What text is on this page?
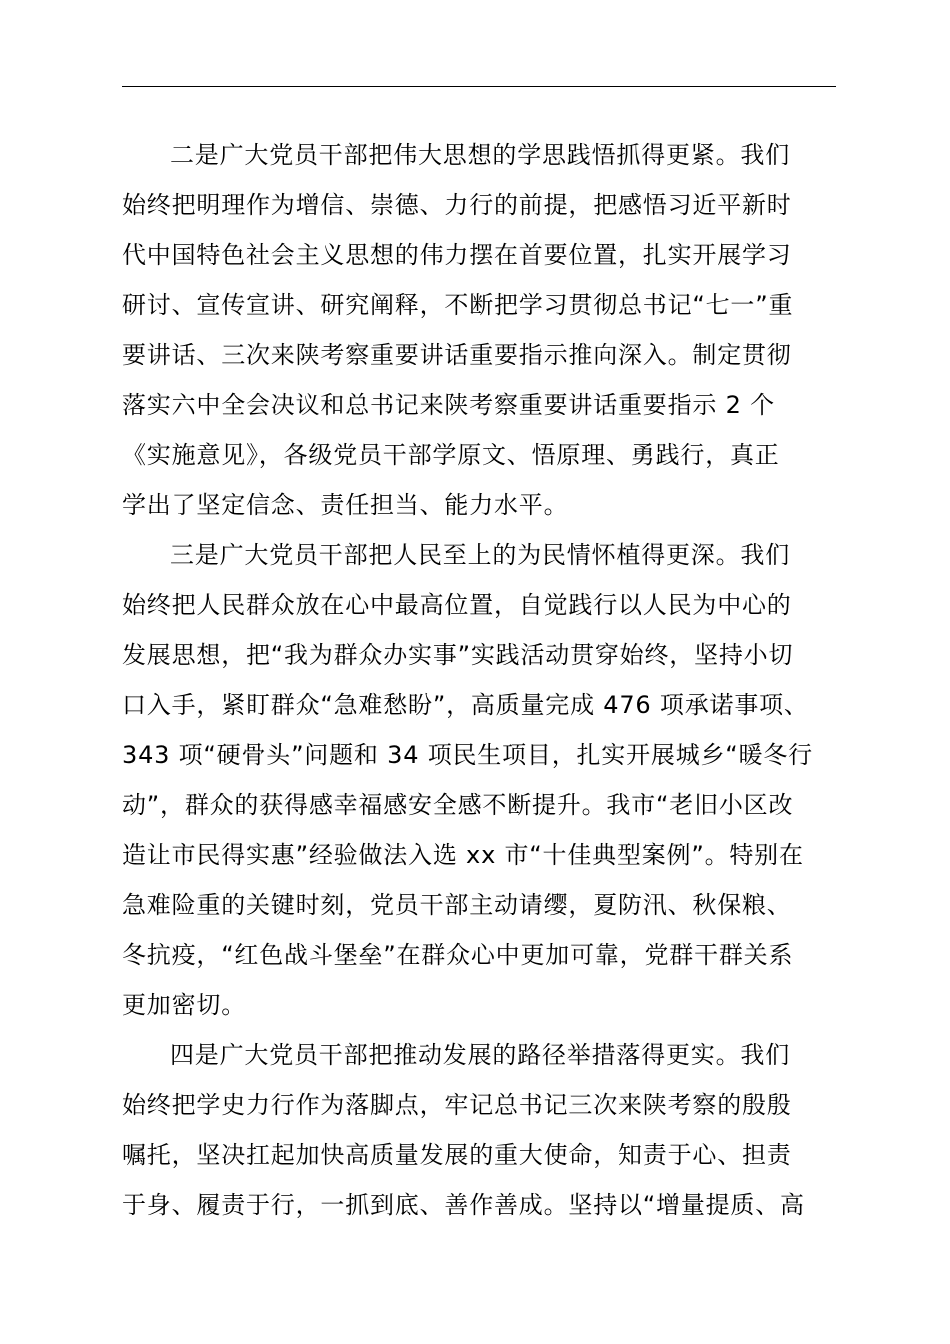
二是广大党员干部把伟大思想的学思践悟抓得更紧。我们
始终把明理作为增信、崇德、力行的前提，把感悟习近平新时
代中国特色社会主义思想的伟力摆在首要位置，扎实开展学习
研讨、宣传宣讲、研究阐释，不断把学习贯彻总书记“七一”重
要讲话、三次来陕考察重要讲话重要指示推向深入。制定贯彻
落实六中全会决议和总书记来陕考察重要讲话重要指示 2 个
《实施意见》，各级党员干部学原文、悟原理、勇践行，真正
学出了坚定信念、责任担当、能力水平。

三是广大党员干部把人民至上的为民情怀植得更深。我们
始终把人民群众放在心中最高位置，自觉践行以人民为中心的
发展思想，把“我为群众办实事”实践活动贯穿始终，坚持小切
口入手，紧盯群众“急难愁盼”，高质量完成 476 项承诺事项、
343 项“硬骨头”问题和 34 项民生项目，扎实开展城乡“暖冬行
动”，群众的获得感幸福感安全感不断提升。我市“老旧小区改
造让市民得实惠”经验做法入选 xx 市“十佳典型案例”。特别在
急难险重的关键时刻，党员干部主动请缨，夏防汛、秋保粮、
冬抗疫，“红色战斗堡垒”在群众心中更加可靠，党群干群关系
更加密切。

四是广大党员干部把推动发展的路径举措落得更实。我们
始终把学史力行作为落脚点，牢记总书记三次来陕考察的殷殷
嘱托，坚决扛起加快高质量发展的重大使命，知责于心、担责
于身、履责于行，一抓到底、善作善成。坚持以“增量提质、高
